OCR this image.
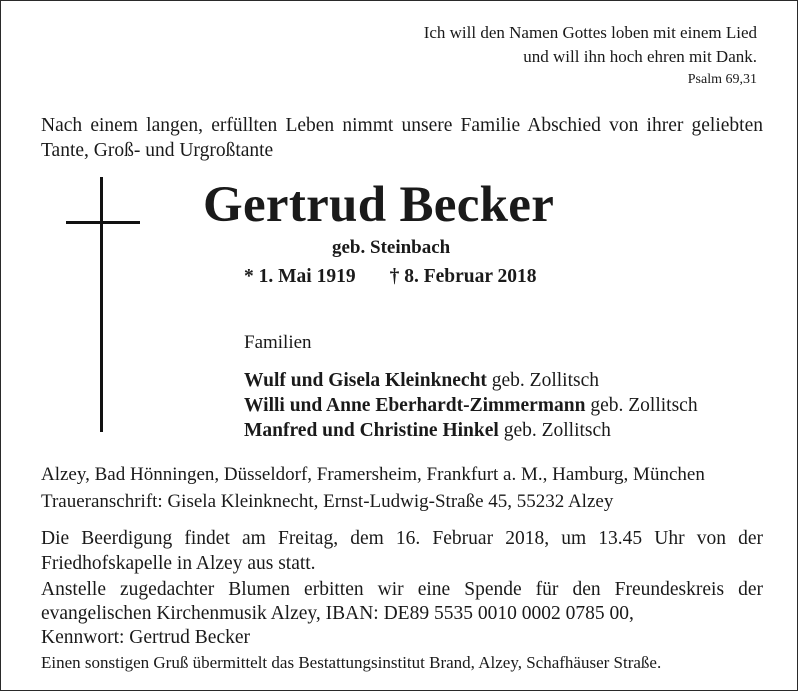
Ich will den Namen Gottes loben mit einem Lied
und will ihn hoch ehren mit Dank.
Psalm 69,31
Nach einem langen, erfüllten Leben nimmt unsere Familie Abschied von ihrer geliebten Tante, Groß- und Urgroßtante
Gertrud Becker
geb. Steinbach
* 1. Mai 1919 † 8. Februar 2018
Familien
Wulf und Gisela Kleinknecht geb. Zollitsch
Willi und Anne Eberhardt-Zimmermann geb. Zollitsch
Manfred und Christine Hinkel geb. Zollitsch
Alzey, Bad Hönningen, Düsseldorf, Framersheim, Frankfurt a. M., Hamburg, München
Traueranschrift: Gisela Kleinknecht, Ernst-Ludwig-Straße 45, 55232 Alzey
Die Beerdigung findet am Freitag, dem 16. Februar 2018, um 13.45 Uhr von der Friedhofskapelle in Alzey aus statt.
Anstelle zugedachter Blumen erbitten wir eine Spende für den Freundeskreis der
evangelischen Kirchenmusik Alzey, IBAN: DE89 5535 0010 0002 0785 00,
Kennwort: Gertrud Becker
Einen sonstigen Gruß übermittelt das Bestattungsinstitut Brand, Alzey, Schafhäuser Straße.
